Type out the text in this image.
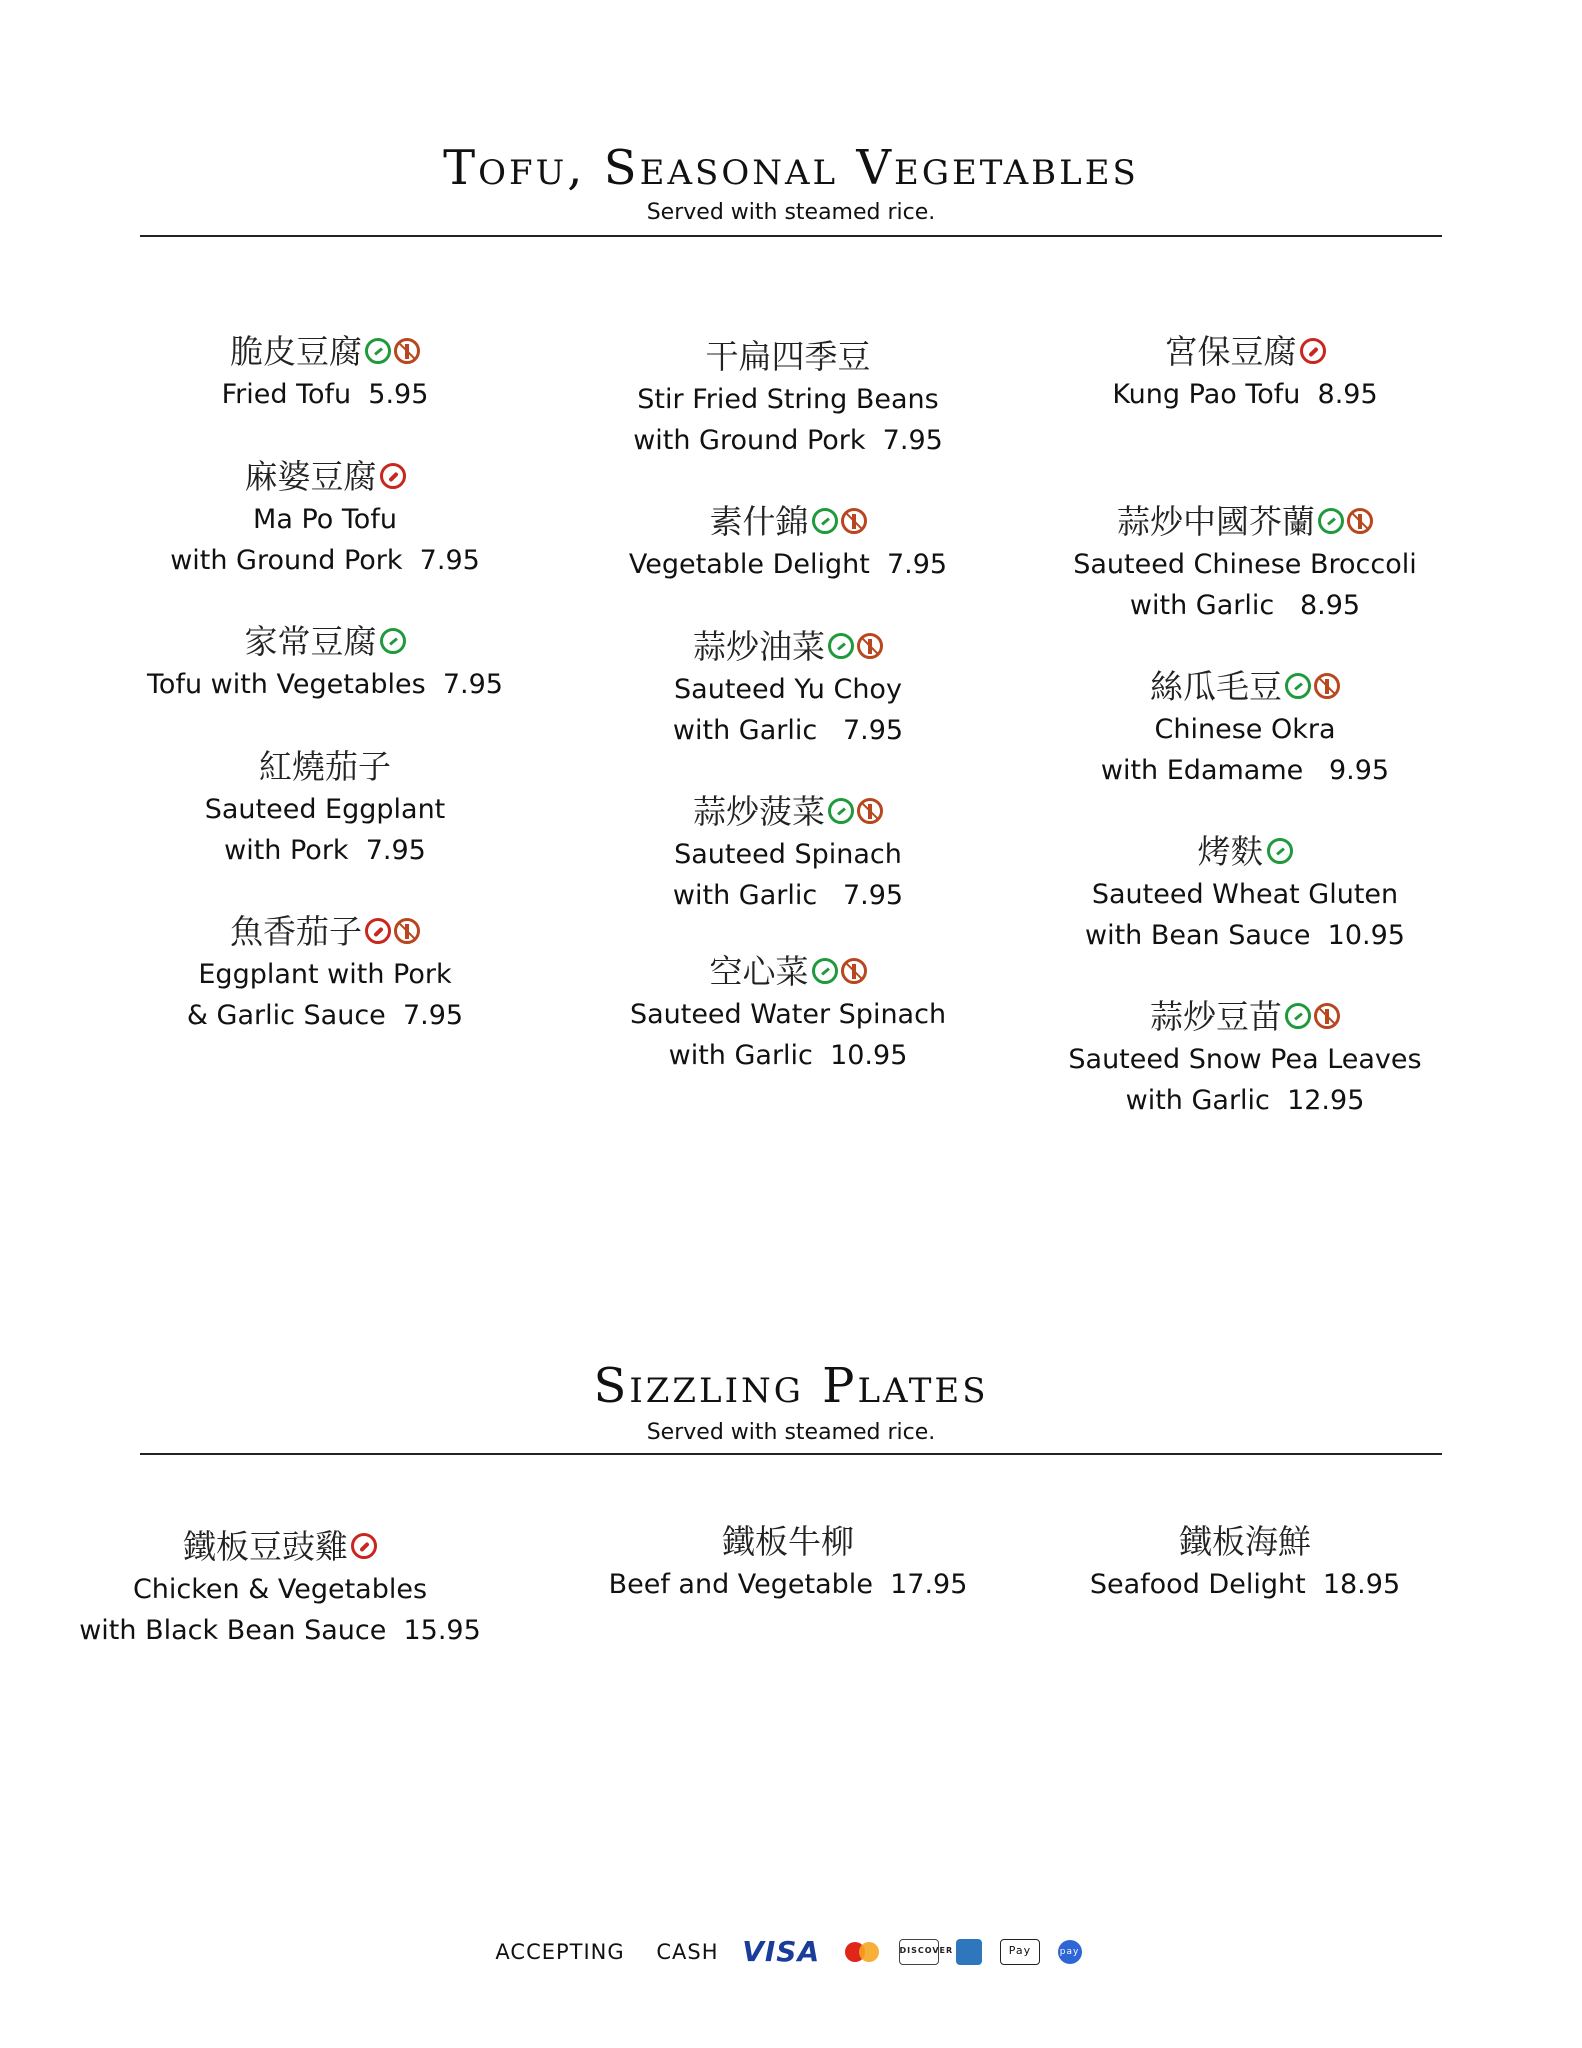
Tofu, Seasonal Vegetables
Served with steamed rice.
脆皮豆腐
Fried Tofu  5.95
麻婆豆腐
Ma Po Tofu
with Ground Pork  7.95
家常豆腐
Tofu with Vegetables  7.95
紅燒茄子
Sauteed Eggplant
with Pork  7.95
魚香茄子
Eggplant with Pork
& Garlic Sauce  7.95
干扁四季豆
Stir Fried String Beans
with Ground Pork  7.95
素什錦
Vegetable Delight  7.95
蒜炒油菜
Sauteed Yu Choy
with Garlic   7.95
蒜炒菠菜
Sauteed Spinach
with Garlic   7.95
空心菜
Sauteed Water Spinach
with Garlic  10.95
宮保豆腐
Kung Pao Tofu  8.95
蒜炒中國芥蘭
Sauteed Chinese Broccoli
with Garlic   8.95
絲瓜毛豆
Chinese Okra
with Edamame   9.95
烤麩
Sauteed Wheat Gluten
with Bean Sauce  10.95
蒜炒豆苗
Sauteed Snow Pea Leaves
with Garlic  12.95
Sizzling Plates
Served with steamed rice.
鐵板豆豉雞
Chicken & Vegetables
with Black Bean Sauce  15.95
鐵板牛柳
Beef and Vegetable  17.95
鐵板海鮮
Seafood Delight  18.95
ACCEPTING CASH VISA	DISCOVER	Pay	pay
